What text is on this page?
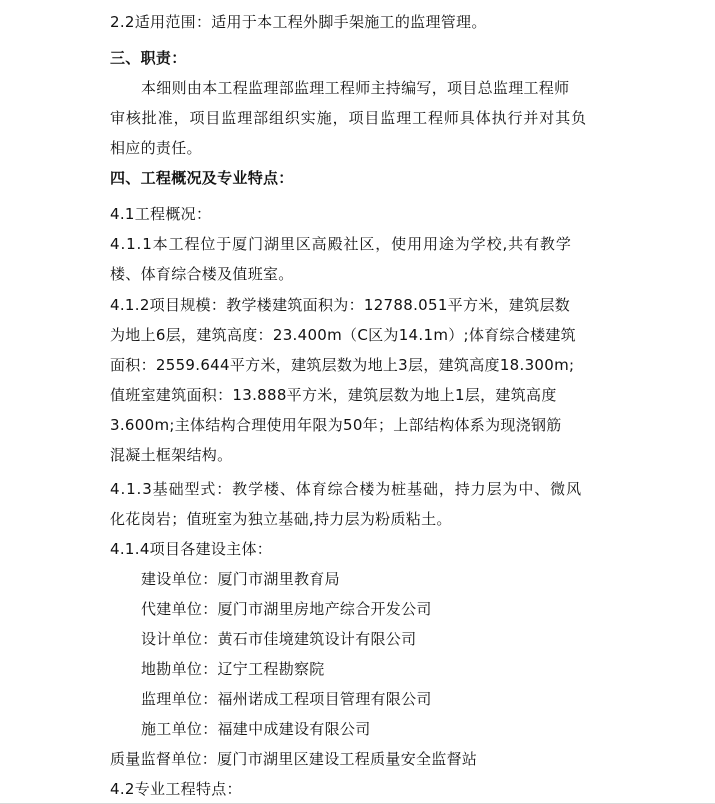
2.2适用范围：适用于本工程外脚手架施工的监理管理。
三、职责：
本细则由本工程监理部监理工程师主持编写，项目总监理工程师
审核批准，项目监理部组织实施，项目监理工程师具体执行并对其负
相应的责任。
四、工程概况及专业特点：
4.1工程概况：
4.1.1本工程位于厦门湖里区高殿社区，使用用途为学校,共有教学
楼、体育综合楼及值班室。
4.1.2项目规模：教学楼建筑面积为：12788.051平方米，建筑层数
为地上6层，建筑高度：23.400m（C区为14.1m）;体育综合楼建筑
面积：2559.644平方米，建筑层数为地上3层，建筑高度18.300m;
值班室建筑面积：13.888平方米，建筑层数为地上1层，建筑高度
3.600m;主体结构合理使用年限为50年；上部结构体系为现浇钢筋
混凝土框架结构。
4.1.3基础型式：教学楼、体育综合楼为桩基础，持力层为中、微风
化花岗岩；值班室为独立基础,持力层为粉质粘土。
4.1.4项目各建设主体：
建设单位：厦门市湖里教育局
代建单位：厦门市湖里房地产综合开发公司
设计单位：黄石市佳境建筑设计有限公司
地勘单位：辽宁工程勘察院
监理单位：福州诺成工程项目管理有限公司
施工单位：福建中成建设有限公司
质量监督单位：厦门市湖里区建设工程质量安全监督站
4.2专业工程特点：
